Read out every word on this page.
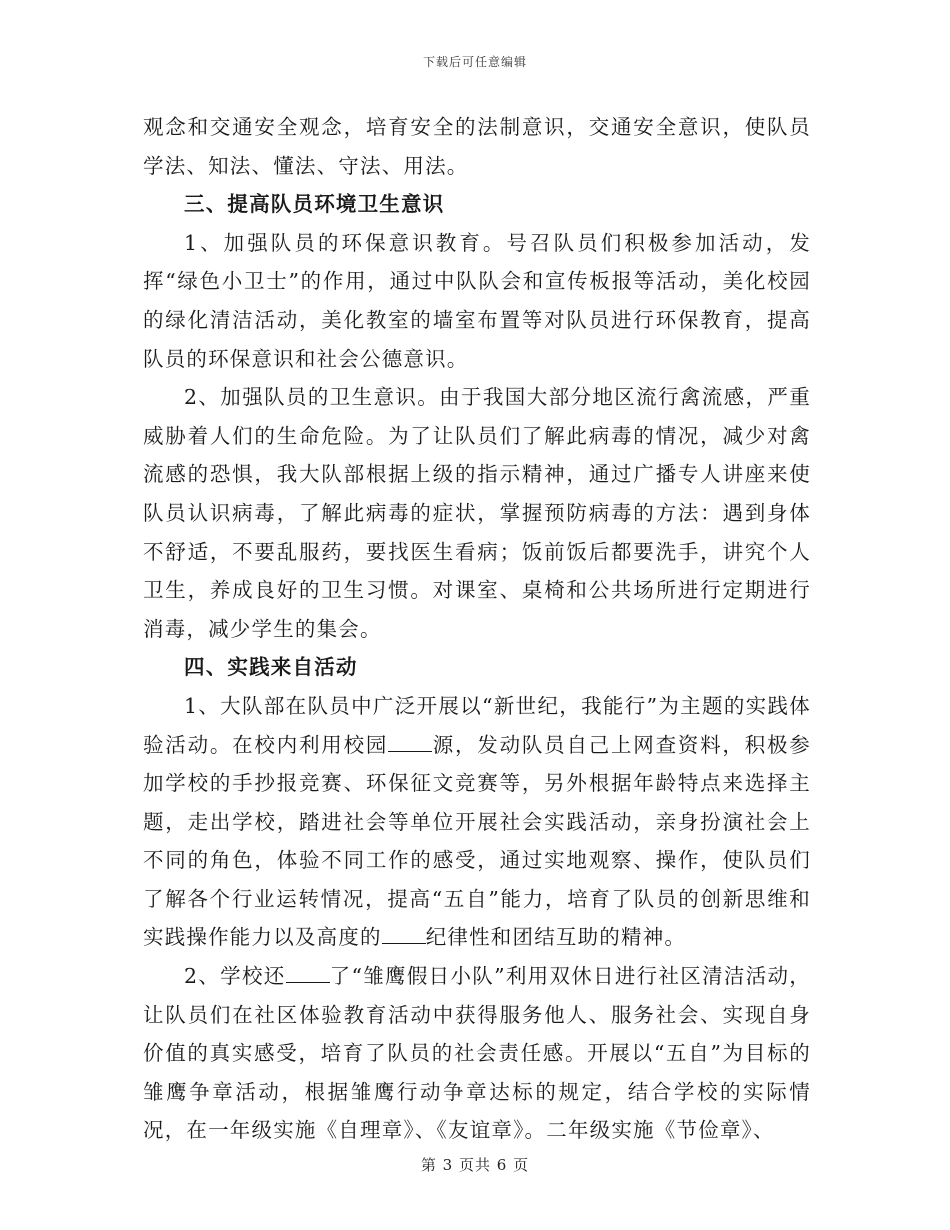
下载后可任意编辑

观念和交通安全观念，培育安全的法制意识，交通安全意识，使队员学法、知法、懂法、守法、用法。

三、提高队员环境卫生意识

1、加强队员的环保意识教育。号召队员们积极参加活动，发挥“绿色小卫士”的作用，通过中队队会和宣传板报等活动，美化校园的绿化清洁活动，美化教室的墙室布置等对队员进行环保教育，提高队员的环保意识和社会公德意识。

2、加强队员的卫生意识。由于我国大部分地区流行禽流感，严重威胁着人们的生命危险。为了让队员们了解此病毒的情况，减少对禽流感的恐惧，我大队部根据上级的指示精神，通过广播专人讲座来使队员认识病毒，了解此病毒的症状，掌握预防病毒的方法：遇到身体不舒适，不要乱服药，要找医生看病；饭前饭后都要洗手，讲究个人卫生，养成良好的卫生习惯。对课室、桌椅和公共场所进行定期进行消毒，减少学生的集会。

四、实践来自活动

1、大队部在队员中广泛开展以“新世纪，我能行”为主题的实践体验活动。在校内利用校园 源，发动队员自己上网查资料，积极参加学校的手抄报竞赛、环保征文竞赛等，另外根据年龄特点来选择主题，走出学校，踏进社会等单位开展社会实践活动，亲身扮演社会上不同的角色，体验不同工作的感受，通过实地观察、操作，使队员们了解各个行业运转情况，提高“五自”能力，培育了队员的创新思维和实践操作能力以及高度的 纪律性和团结互助的精神。

2、学校还 了“雏鹰假日小队”利用双休日进行社区清洁活动，让队员们在社区体验教育活动中获得服务他人、服务社会、实现自身价值的真实感受，培育了队员的社会责任感。开展以“五自”为目标的雏鹰争章活动，根据雏鹰行动争章达标的规定，结合学校的实际情况，在一年级实施《自理章》、《友谊章》。二年级实施《节俭章》、

第 3 页共 6 页
